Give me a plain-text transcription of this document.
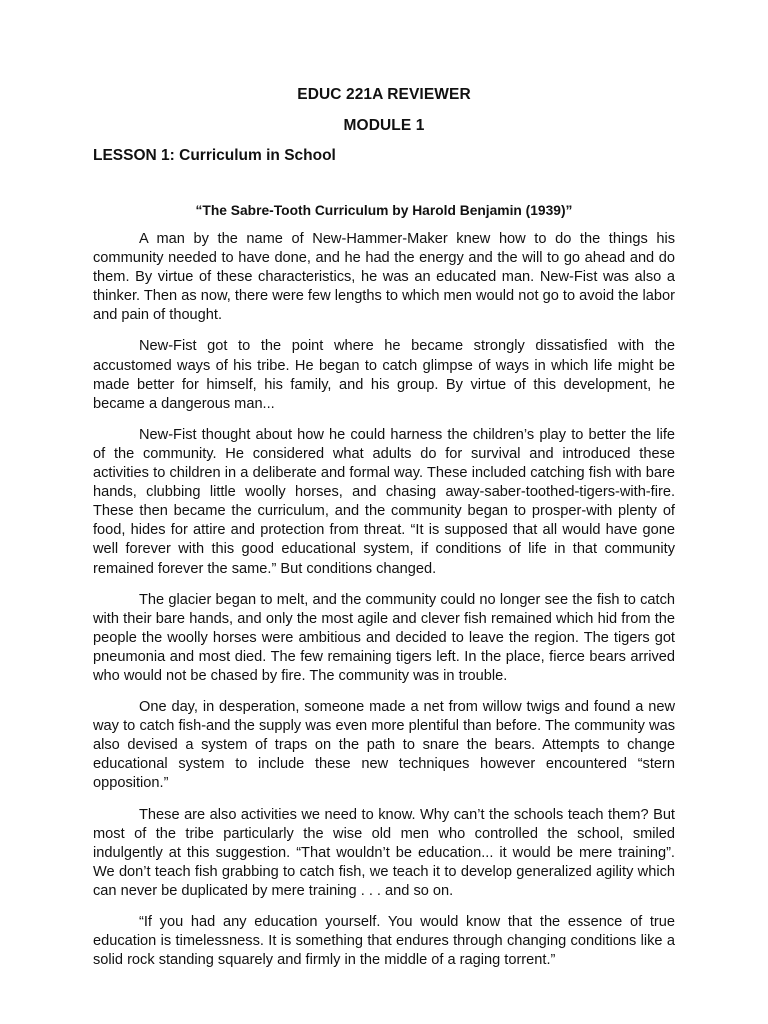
EDUC 221A REVIEWER

MODULE 1

LESSON 1: Curriculum in School

“The Sabre-Tooth Curriculum by Harold Benjamin (1939)”

A man by the name of New-Hammer-Maker knew how to do the things his community needed to have done, and he had the energy and the will to go ahead and do them. By virtue of these characteristics, he was an educated man. New-Fist was also a thinker. Then as now, there were few lengths to which men would not go to avoid the labor and pain of thought.

New-Fist got to the point where he became strongly dissatisfied with the accustomed ways of his tribe. He began to catch glimpse of ways in which life might be made better for himself, his family, and his group. By virtue of this development, he became a dangerous man...

New-Fist thought about how he could harness the children’s play to better the life of the community. He considered what adults do for survival and introduced these activities to children in a deliberate and formal way. These included catching fish with bare hands, clubbing little woolly horses, and chasing away-saber-toothed-tigers-with-fire. These then became the curriculum, and the community began to prosper-with plenty of food, hides for attire and protection from threat. “It is supposed that all would have gone well forever with this good educational system, if conditions of life in that community remained forever the same.” But conditions changed.

The glacier began to melt, and the community could no longer see the fish to catch with their bare hands, and only the most agile and clever fish remained which hid from the people the woolly horses were ambitious and decided to leave the region. The tigers got pneumonia and most died. The few remaining tigers left. In the place, fierce bears arrived who would not be chased by fire. The community was in trouble.

One day, in desperation, someone made a net from willow twigs and found a new way to catch fish-and the supply was even more plentiful than before. The community was also devised a system of traps on the path to snare the bears. Attempts to change educational system to include these new techniques however encountered “stern opposition.”

These are also activities we need to know. Why can’t the schools teach them? But most of the tribe particularly the wise old men who controlled the school, smiled indulgently at this suggestion. “That wouldn’t be education... it would be mere training”. We don’t teach fish grabbing to catch fish, we teach it to develop generalized agility which can never be duplicated by mere training . . . and so on.

“If you had any education yourself. You would know that the essence of true education is timelessness. It is something that endures through changing conditions like a solid rock standing squarely and firmly in the middle of a raging torrent.”
